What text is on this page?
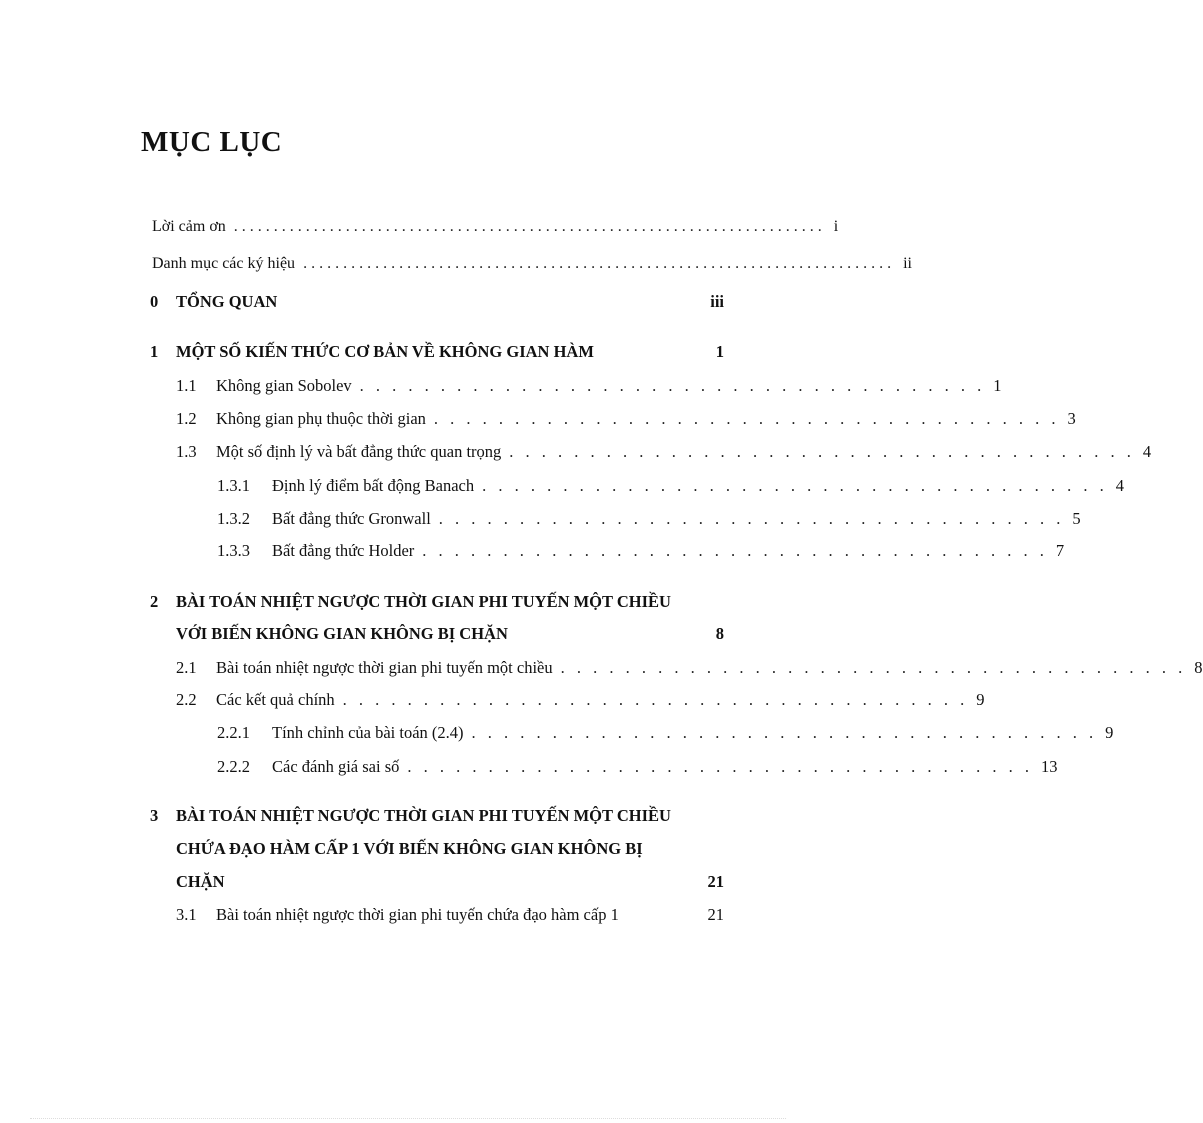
MỤC LỤC
Lời cảm ơn .......................................................................... i
Danh mục các ký hiệu .......................................................................... ii
0	TỔNG QUAN	iii
1	MỘT SỐ KIẾN THỨC CƠ BẢN VỀ KHÔNG GIAN HÀM	1
1.1	Không gian Sobolev . . . . . . . . . . . . . . . . . . . . . . . . . . . . . . . . . . . . . . . 1
1.2	Không gian phụ thuộc thời gian . . . . . . . . . . . . . . . . . . . . . . . . . . . . . . . . . . . . . . . 3
1.3	Một số định lý và bất đẳng thức quan trọng . . . . . . . . . . . . . . . . . . . . . . . . . . . . . . . . . . . . . . . 4
1.3.1	Định lý điểm bất động Banach . . . . . . . . . . . . . . . . . . . . . . . . . . . . . . . . . . . . . . . 4
1.3.2	Bất đẳng thức Gronwall . . . . . . . . . . . . . . . . . . . . . . . . . . . . . . . . . . . . . . . 5
1.3.3	Bất đẳng thức Holder . . . . . . . . . . . . . . . . . . . . . . . . . . . . . . . . . . . . . . . 7
2 BÀI TOÁN NHIỆT NGƯỢC THỜI GIAN PHI TUYẾN MỘT CHIỀU
VỚI BIẾN KHÔNG GIAN KHÔNG BỊ CHẶN	8
2.1	Bài toán nhiệt ngược thời gian phi tuyến một chiều . . . . . . . . . . . . . . . . . . . . . . . . . . . . . . . . . . . . . . . 8
2.2	Các kết quả chính . . . . . . . . . . . . . . . . . . . . . . . . . . . . . . . . . . . . . . . 9
2.2.1	Tính chỉnh của bài toán (2.4) . . . . . . . . . . . . . . . . . . . . . . . . . . . . . . . . . . . . . . . 9
2.2.2	Các đánh giá sai số . . . . . . . . . . . . . . . . . . . . . . . . . . . . . . . . . . . . . . . 13
3 BÀI TOÁN NHIỆT NGƯỢC THỜI GIAN PHI TUYẾN MỘT CHIỀU
CHỨA ĐẠO HÀM CẤP 1 VỚI BIẾN KHÔNG GIAN KHÔNG BỊ
CHẶN	21
3.1	Bài toán nhiệt ngược thời gian phi tuyến chứa đạo hàm cấp 1	21
